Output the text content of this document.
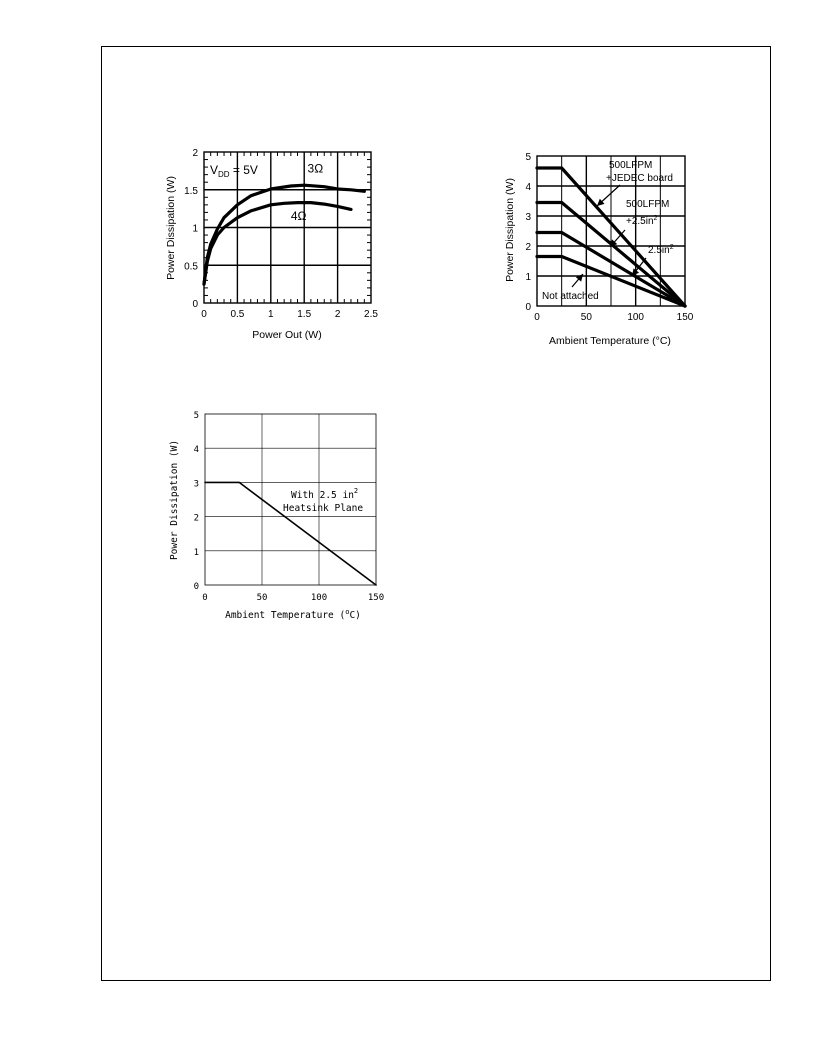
0 0.5 1 1.5 2 2.5
0
0.5
1
1.5
2
$V_{DD} = 5V$	3Ω
4Ω
Power Out (W)
Power Dissipation (W)
0	50	100	150
0
1
2
3
4
5
500LFPM +JEDEC board
500LFPM $+2.5in^2$
$2.5in^2$
Not attached
Ambient Temperature (°C)
Power Dissipation (W)
0	50	100	150
0
1
2
3
4
5
With 2.5 $in^2$ Heatsink Plane
Ambient Temperature ($^o$C)
Power Dissipation (W)
